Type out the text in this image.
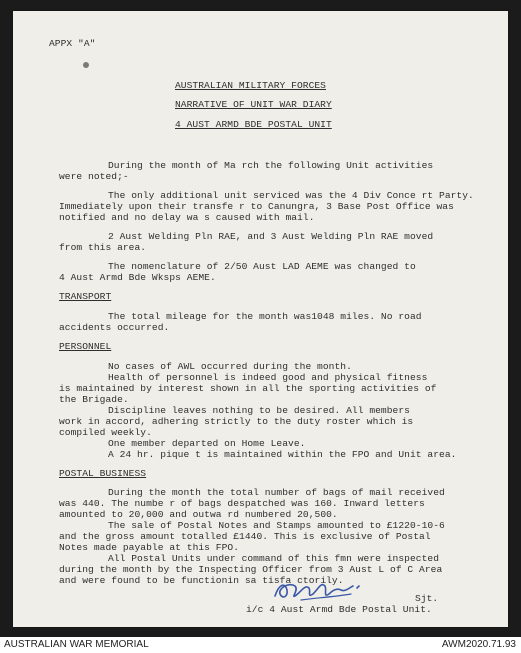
APPX "A"
AUSTRALIAN MILITARY FORCES
NARRATIVE OF UNIT WAR DIARY
4 AUST ARMD BDE POSTAL UNIT
During the month of Ma rch the following Unit activities
were noted;-
The only additional unit serviced was the 4 Div Conce rt Party.
Immediately upon their transfe r to Canungra, 3 Base Post Office was
notified and no delay wa s caused with mail.
2 Aust Welding Pln RAE, and 3 Aust Welding Pln RAE moved
from this area.
The nomenclature of 2/50 Aust LAD AEME was changed to
4 Aust Armd Bde Wksps AEME.
TRANSPORT
The total mileage for the month was1048 miles. No road
accidents occurred.
PERSONNEL
No cases of AWL occurred during the month.
Health of personnel is indeed good and physical fitness
is maintained by interest shown in all the sporting activities of
the Brigade.
Discipline leaves nothing to be desired. All members
work in accord, adhering strictly to the duty roster which is
compiled weekly.
One member departed on Home Leave.
A 24 hr. pique t is maintained within the FPO and Unit area.
POSTAL BUSINESS
During the month the total number of bags of mail received
was 440. The numbe r of bags despatched was 160. Inward letters
amounted to 20,000 and outwa rd numbered 20,500.
The sale of Postal Notes and Stamps amounted to £1220-10-6
and the gross amount totalled £1440. This is exclusive of Postal
Notes made payable at this FPO.
All Postal Units under command of this fmn were inspected
during the month by the Inspecting Officer from 3 Aust L of C Area
and were found to be functionin sa tisfa ctorily.
Sjt.
i/c 4 Aust Armd Bde Postal Unit.
AUSTRALIAN WAR MEMORIAL	AWM2020.71.93
